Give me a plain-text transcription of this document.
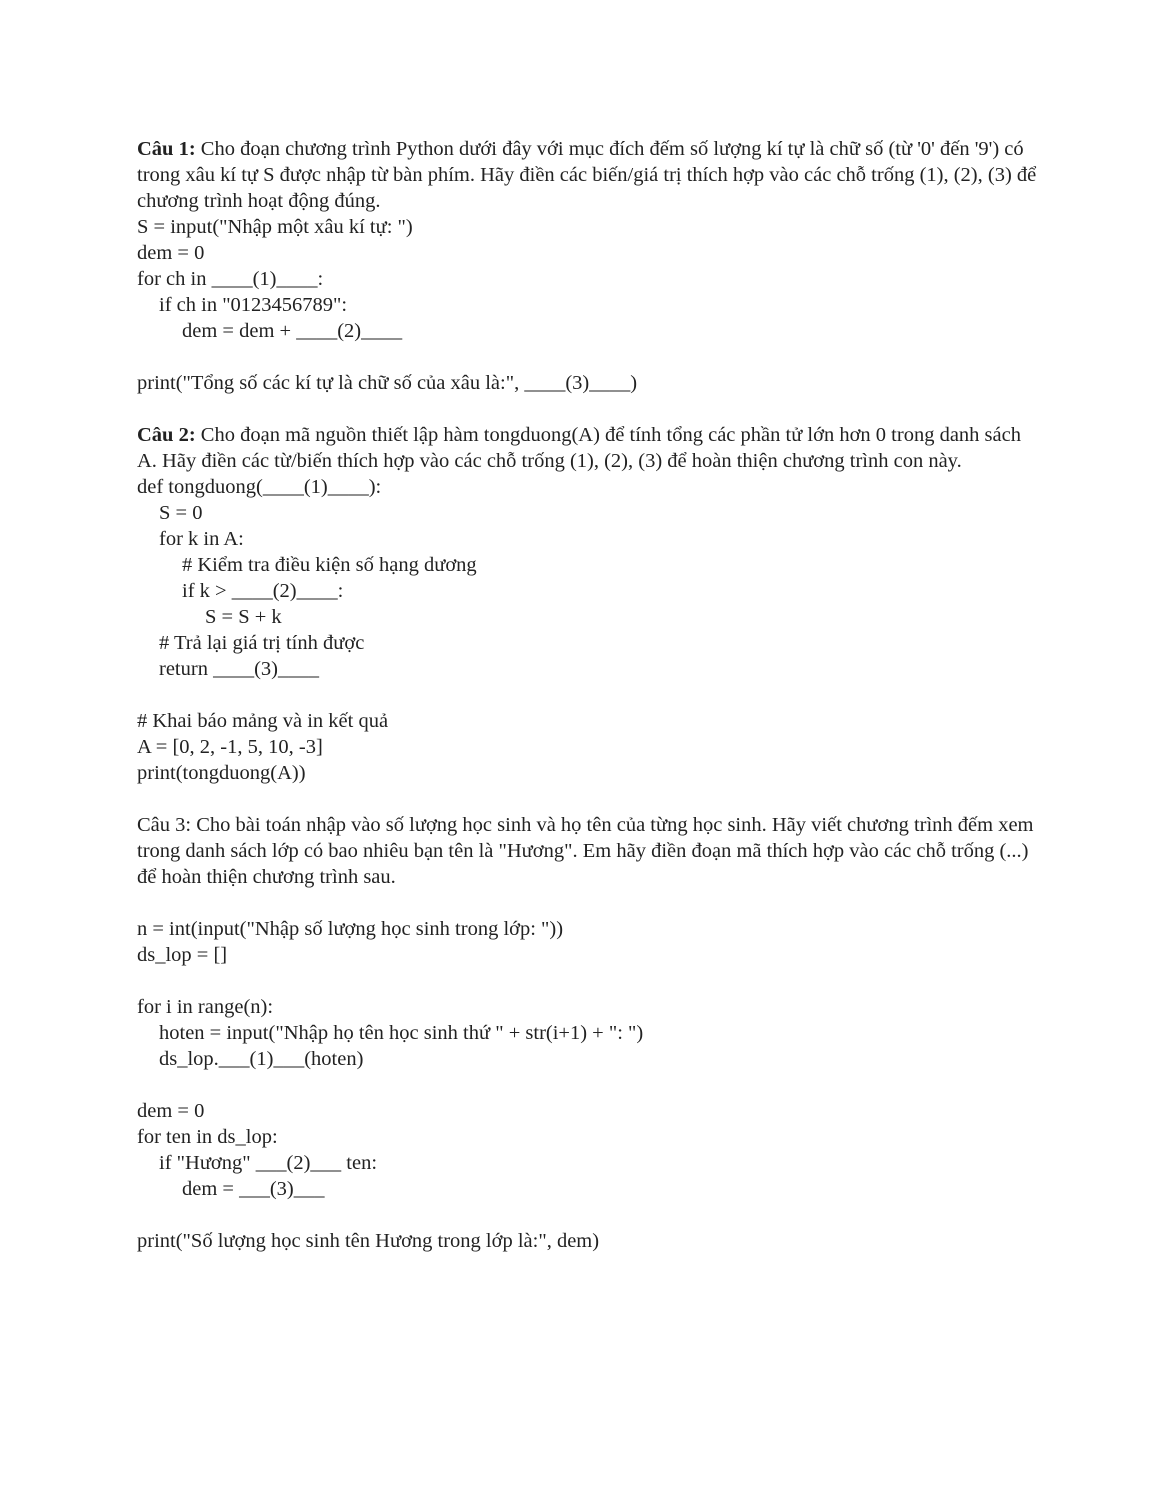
Câu 1: Cho đoạn chương trình Python dưới đây với mục đích đếm số lượng kí tự là chữ số (từ '0' đến '9') có trong xâu kí tự S được nhập từ bàn phím. Hãy điền các biến/giá trị thích hợp vào các chỗ trống (1), (2), (3) để chương trình hoạt động đúng.
S = input("Nhập một xâu kí tự: ")
dem = 0
for ch in ____(1)____:
if ch in "0123456789":
dem = dem + ____(2)____
print("Tổng số các kí tự là chữ số của xâu là:", ____(3)____)
Câu 2: Cho đoạn mã nguồn thiết lập hàm tongduong(A) để tính tổng các phần tử lớn hơn 0 trong danh sách A. Hãy điền các từ/biến thích hợp vào các chỗ trống (1), (2), (3) để hoàn thiện chương trình con này.
def tongduong(____(1)____):
S = 0
for k in A:
# Kiểm tra điều kiện số hạng dương
if k > ____(2)____:
S = S + k
# Trả lại giá trị tính được
return ____(3)____
# Khai báo mảng và in kết quả
A = [0, 2, -1, 5, 10, -3]
print(tongduong(A))
Câu 3: Cho bài toán nhập vào số lượng học sinh và họ tên của từng học sinh. Hãy viết chương trình đếm xem trong danh sách lớp có bao nhiêu bạn tên là "Hương". Em hãy điền đoạn mã thích hợp vào các chỗ trống (...) để hoàn thiện chương trình sau.
n = int(input("Nhập số lượng học sinh trong lớp: "))
ds_lop = []
for i in range(n):
hoten = input("Nhập họ tên học sinh thứ " + str(i+1) + ": ")
ds_lop.___(1)___(hoten)
dem = 0
for ten in ds_lop:
if "Hương" ___(2)___ ten:
dem = ___(3)___
print("Số lượng học sinh tên Hương trong lớp là:", dem)
